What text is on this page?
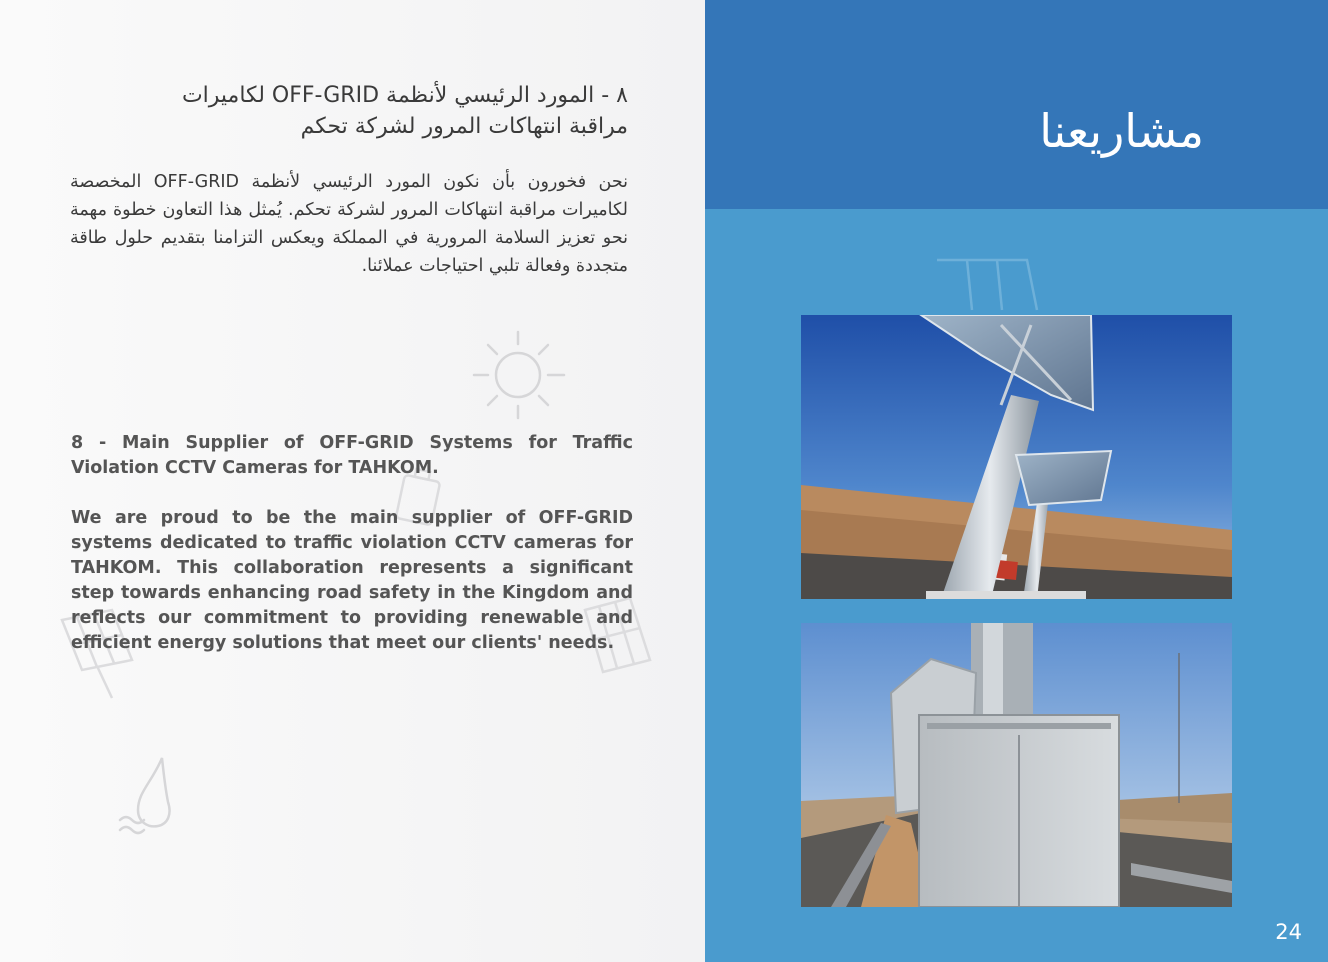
٨ - المورد الرئيسي لأنظمة OFF-GRID لكاميرات مراقبة انتهاكات المرور لشركة تحكم
نحن فخورون بأن نكون المورد الرئيسي لأنظمة OFF-GRID المخصصة لكاميرات مراقبة انتهاكات المرور لشركة تحكم. يُمثل هذا التعاون خطوة مهمة نحو تعزيز السلامة المرورية في المملكة ويعكس التزامنا بتقديم حلول طاقة متجددة وفعالة تلبي احتياجات عملائنا.
8 - Main Supplier of OFF-GRID Systems for Traffic Violation CCTV Cameras for TAHKOM.
We are proud to be the main supplier of OFF-GRID systems dedicated to traffic violation CCTV cameras for TAHKOM. This collaboration represents a significant step towards enhancing road safety in the Kingdom and reflects our commitment to providing renewable and efficient energy solutions that meet our clients' needs.
مشاريعنا
24
